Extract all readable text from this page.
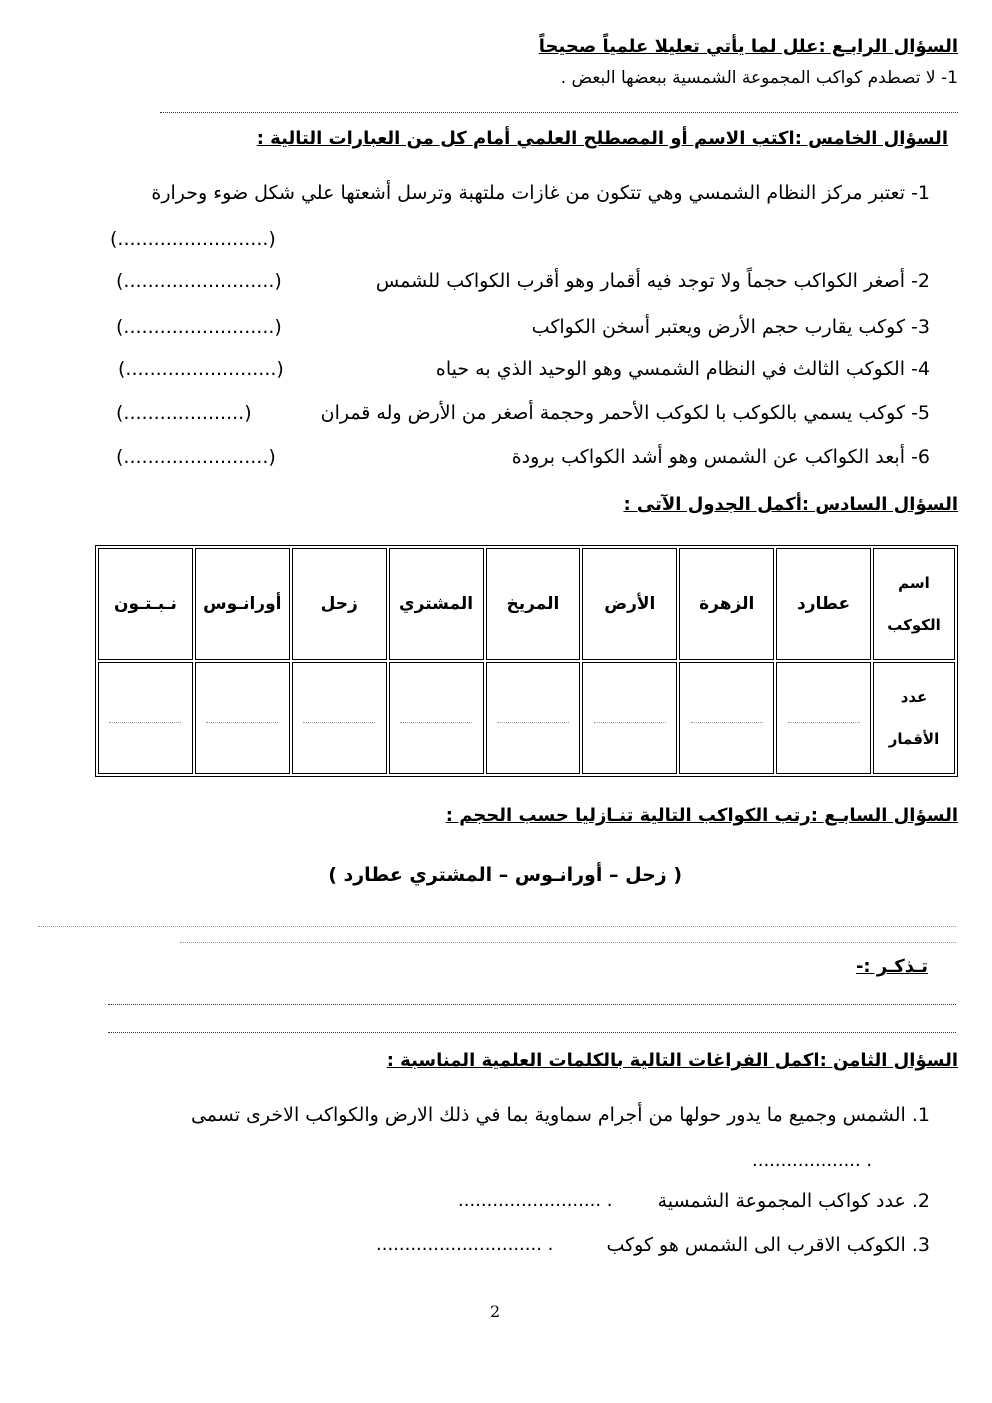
السؤال الرابـع :علل لما يأتي تعليلا علمياً صحيحاً
1- لا تصطدم كواكب المجموعة الشمسية ببعضها البعض .
السؤال الخامس :اكتب الاسم أو المصطلح العلمي أمام كل من العبارات التالية :
1- تعتبر مركز النظام الشمسي وهي تتكون من غازات ملتهبة وترسل أشعتها علي شكل ضوء وحرارة
(.........................)
2- أصغر الكواكب حجماً ولا توجد فيه أقمار وهو أقرب الكواكب للشمس
(.........................)
3- كوكب يقارب حجم الأرض ويعتبر أسخن الكواكب
(.........................)
4- الكوكب الثالث في النظام الشمسي وهو الوحيد الذي به حياه
(.........................)
5- كوكب يسمي بالكوكب با لكوكب الأحمر وحجمة أصغر من الأرض وله قمران
(....................)
6- أبعد الكواكب عن الشمس وهو أشد الكواكب برودة
(........................)
السؤال السادس :أكمل الجدول الآتى :
اسم الكوكب	عطارد	الزهرة	الأرض	المريخ	المشتري	زحل	أورانـوس	نـبـتـون
عدد الأقمار								
السؤال السابـع :رتب الكواكب التالية تنـازليا حسب الحجم :
( زحل – أورانـوس – المشتري عطارد )
تـذكـر :-
السؤال الثامن :اكمل الفراغات التالية بالكلمات العلمية المناسبة :
1. الشمس وجميع ما يدور حولها من أجرام سماوية بما في ذلك الارض والكواكب الاخرى تسمى
................... .
2. عدد كواكب المجموعة الشمسية
......................... .
3. الكوكب الاقرب الى الشمس هو كوكب
............................. .
2
